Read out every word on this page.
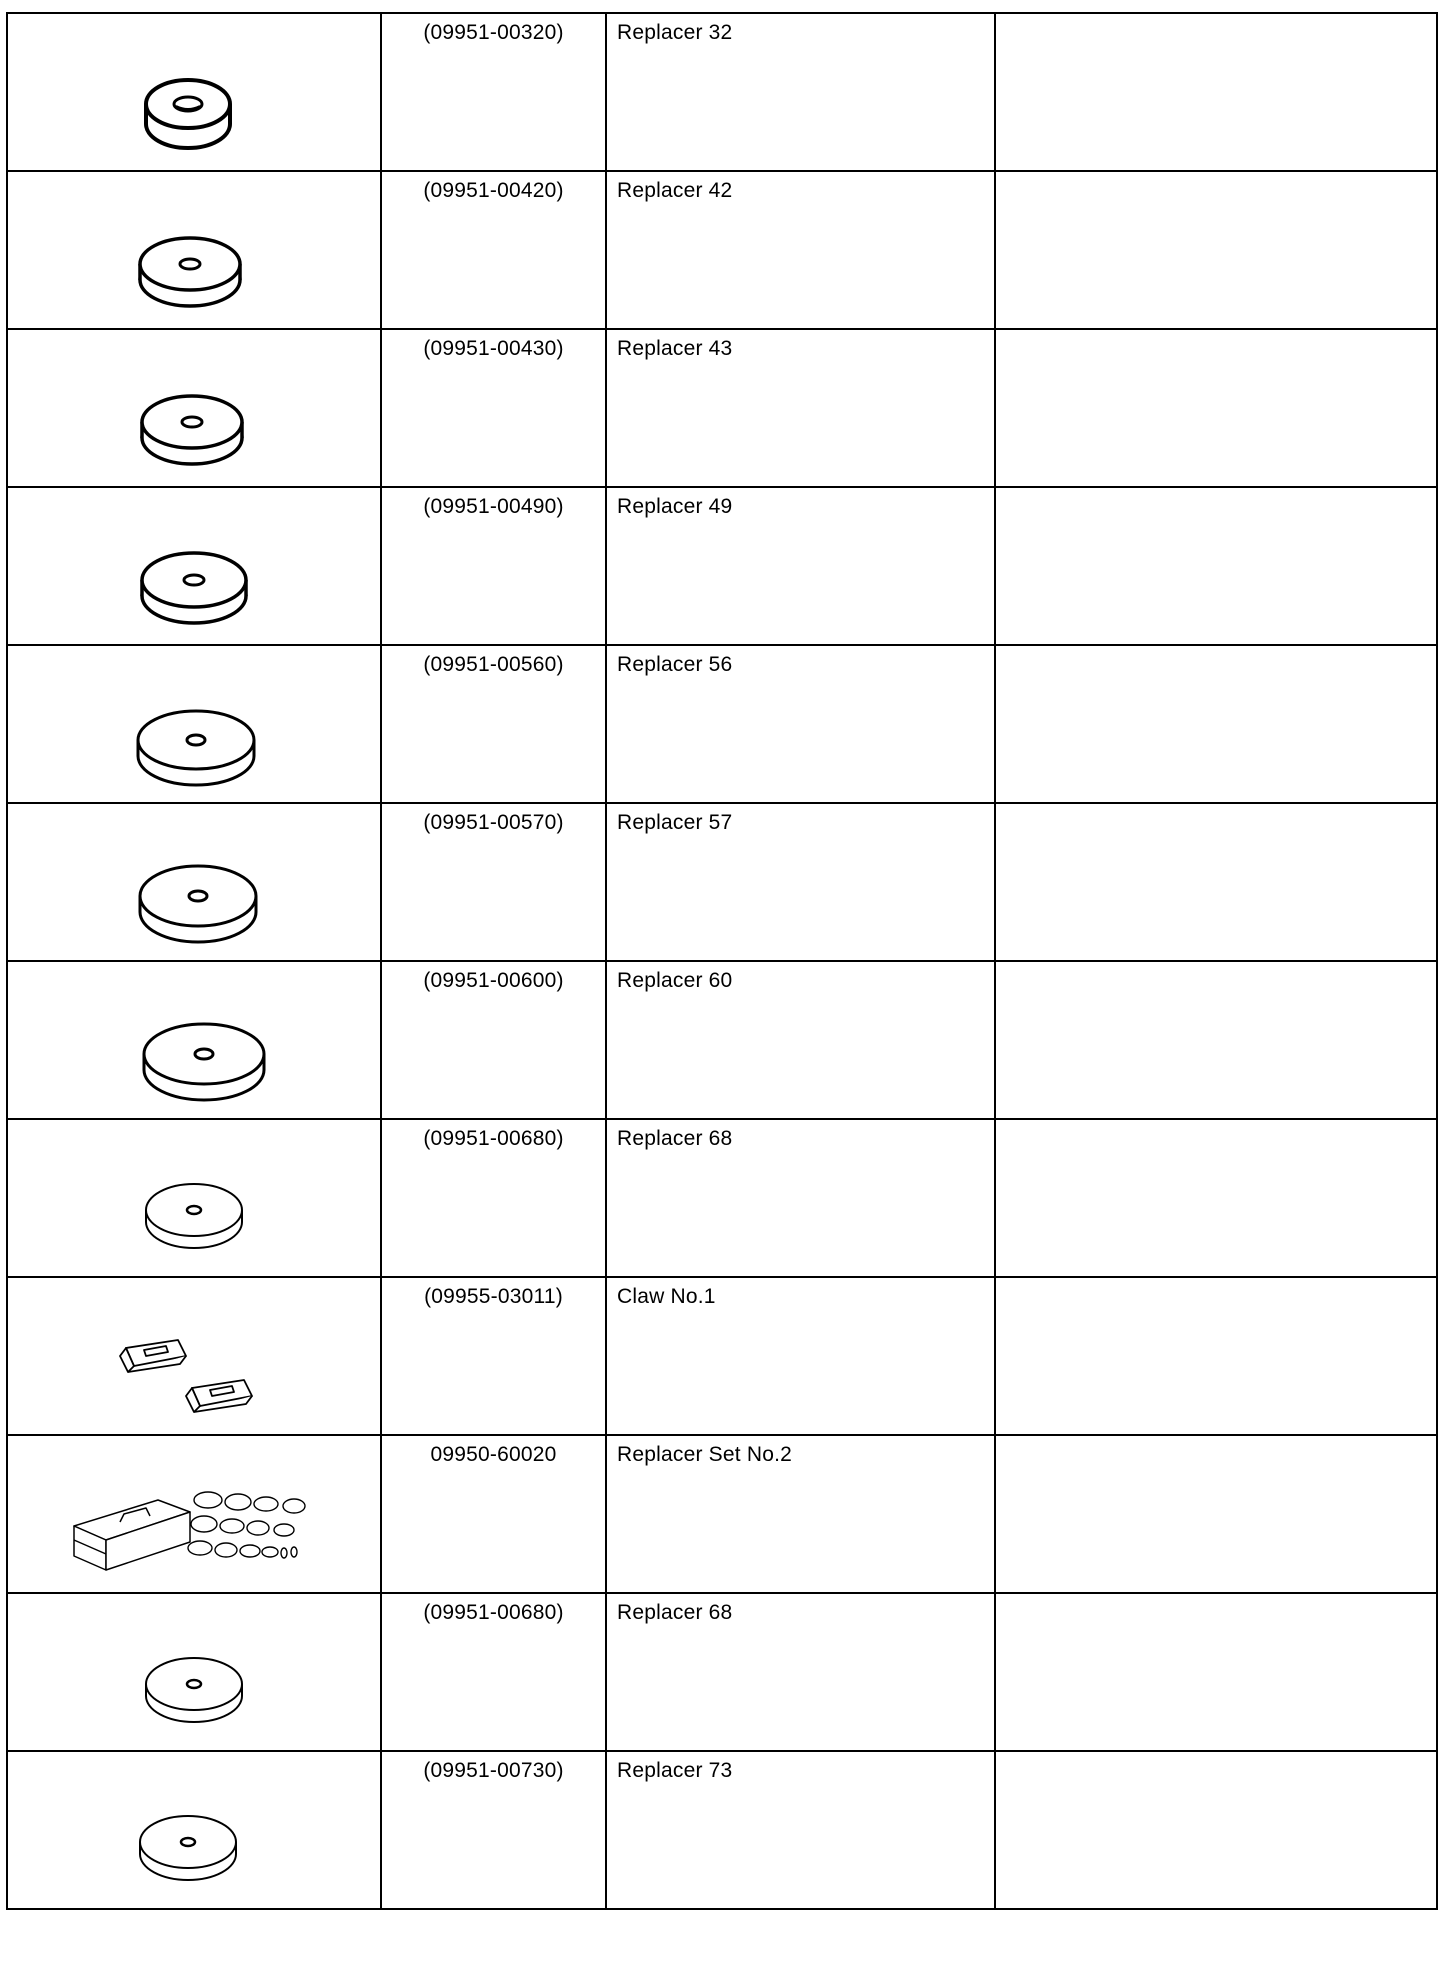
	(09951-00320)	Replacer 32	

	(09951-00420)	Replacer 42	

	(09951-00430)	Replacer 43	

	(09951-00490)	Replacer 49	

	(09951-00560)	Replacer 56	

	(09951-00570)	Replacer 57	

	(09951-00600)	Replacer 60	

	(09951-00680)	Replacer 68	

	(09955-03011)	Claw No.1	

	09950-60020	Replacer Set No.2	

	(09951-00680)	Replacer 68	

	(09951-00730)	Replacer 73	
